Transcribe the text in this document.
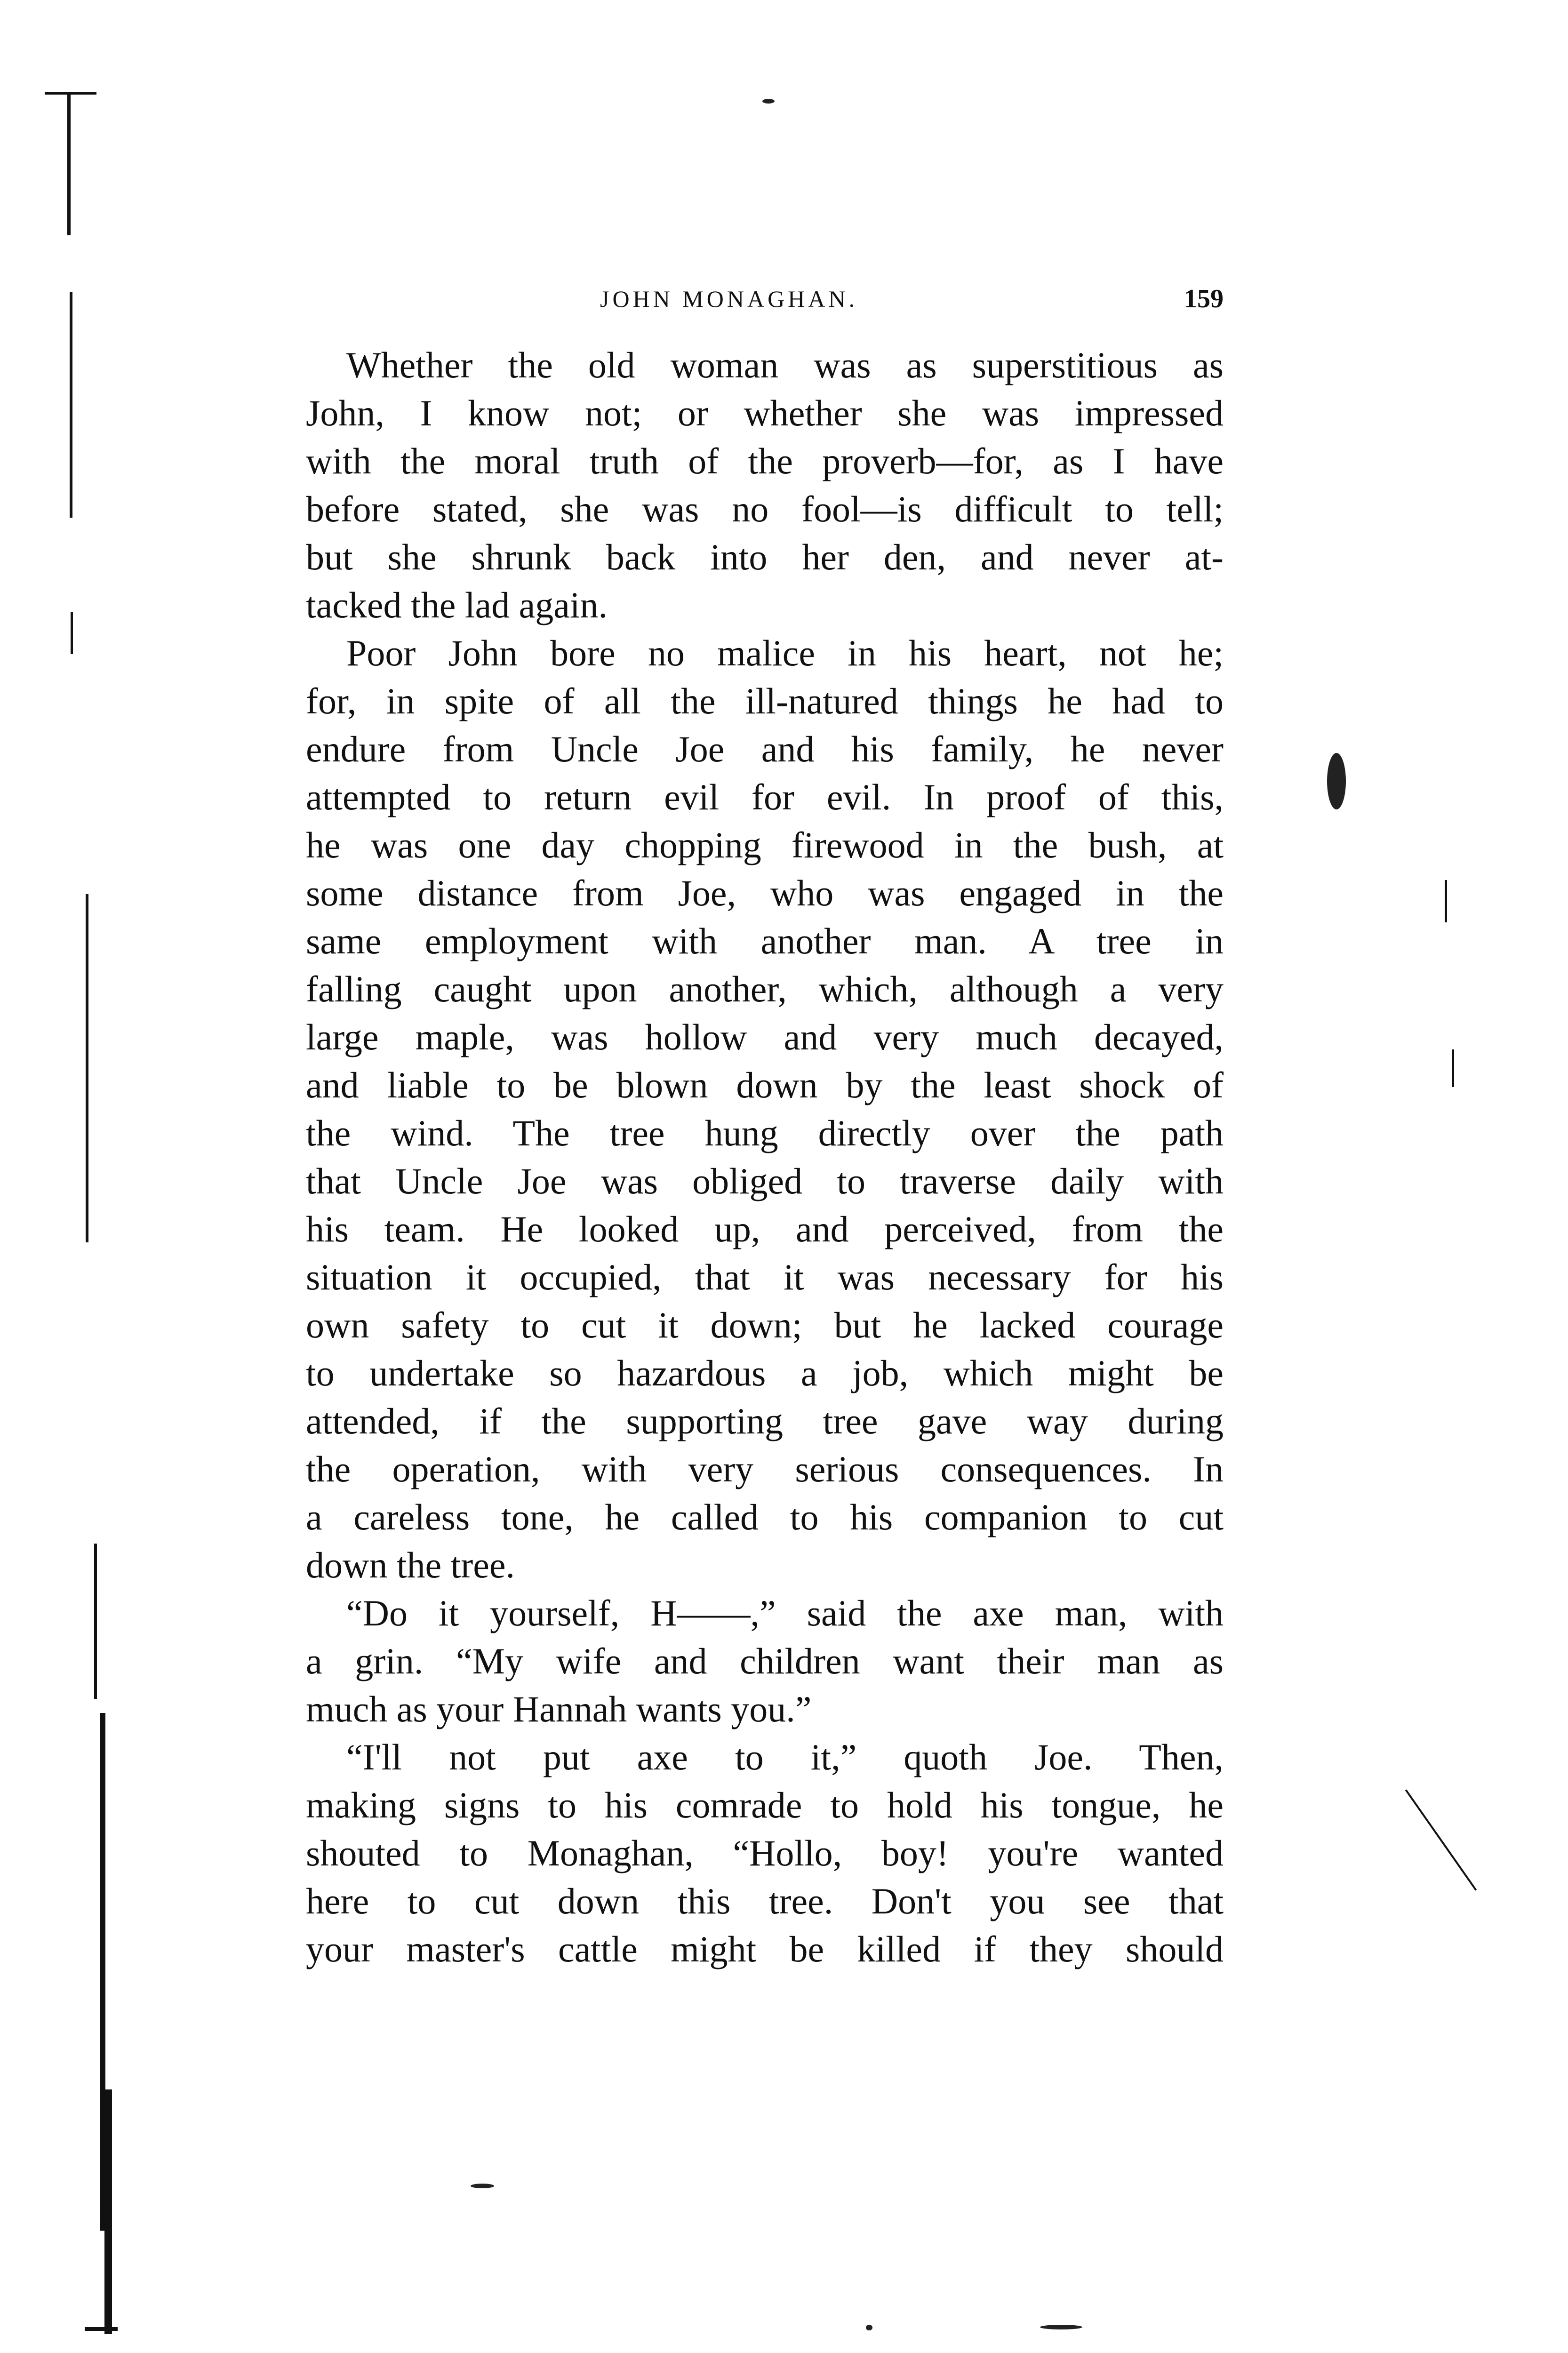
JOHN MONAGHAN.	159
Whether the old woman was as superstitious as
John, I know not; or whether she was impressed
with the moral truth of the proverb—for, as I have
before stated, she was no fool—is difficult to tell;
but she shrunk back into her den, and never at-
tacked the lad again.
Poor John bore no malice in his heart, not he;
for, in spite of all the ill-natured things he had to
endure from Uncle Joe and his family, he never
attempted to return evil for evil. In proof of this,
he was one day chopping firewood in the bush, at
some distance from Joe, who was engaged in the
same employment with another man. A tree in
falling caught upon another, which, although a very
large maple, was hollow and very much decayed,
and liable to be blown down by the least shock of
the wind. The tree hung directly over the path
that Uncle Joe was obliged to traverse daily with
his team. He looked up, and perceived, from the
situation it occupied, that it was necessary for his
own safety to cut it down; but he lacked courage
to undertake so hazardous a job, which might be
attended, if the supporting tree gave way during
the operation, with very serious consequences. In
a careless tone, he called to his companion to cut
down the tree.
“Do it yourself, H——,” said the axe man, with
a grin. “My wife and children want their man as
much as your Hannah wants you.”
“I'll not put axe to it,” quoth Joe. Then,
making signs to his comrade to hold his tongue, he
shouted to Monaghan, “Hollo, boy! you're wanted
here to cut down this tree. Don't you see that
your master's cattle might be killed if they should
